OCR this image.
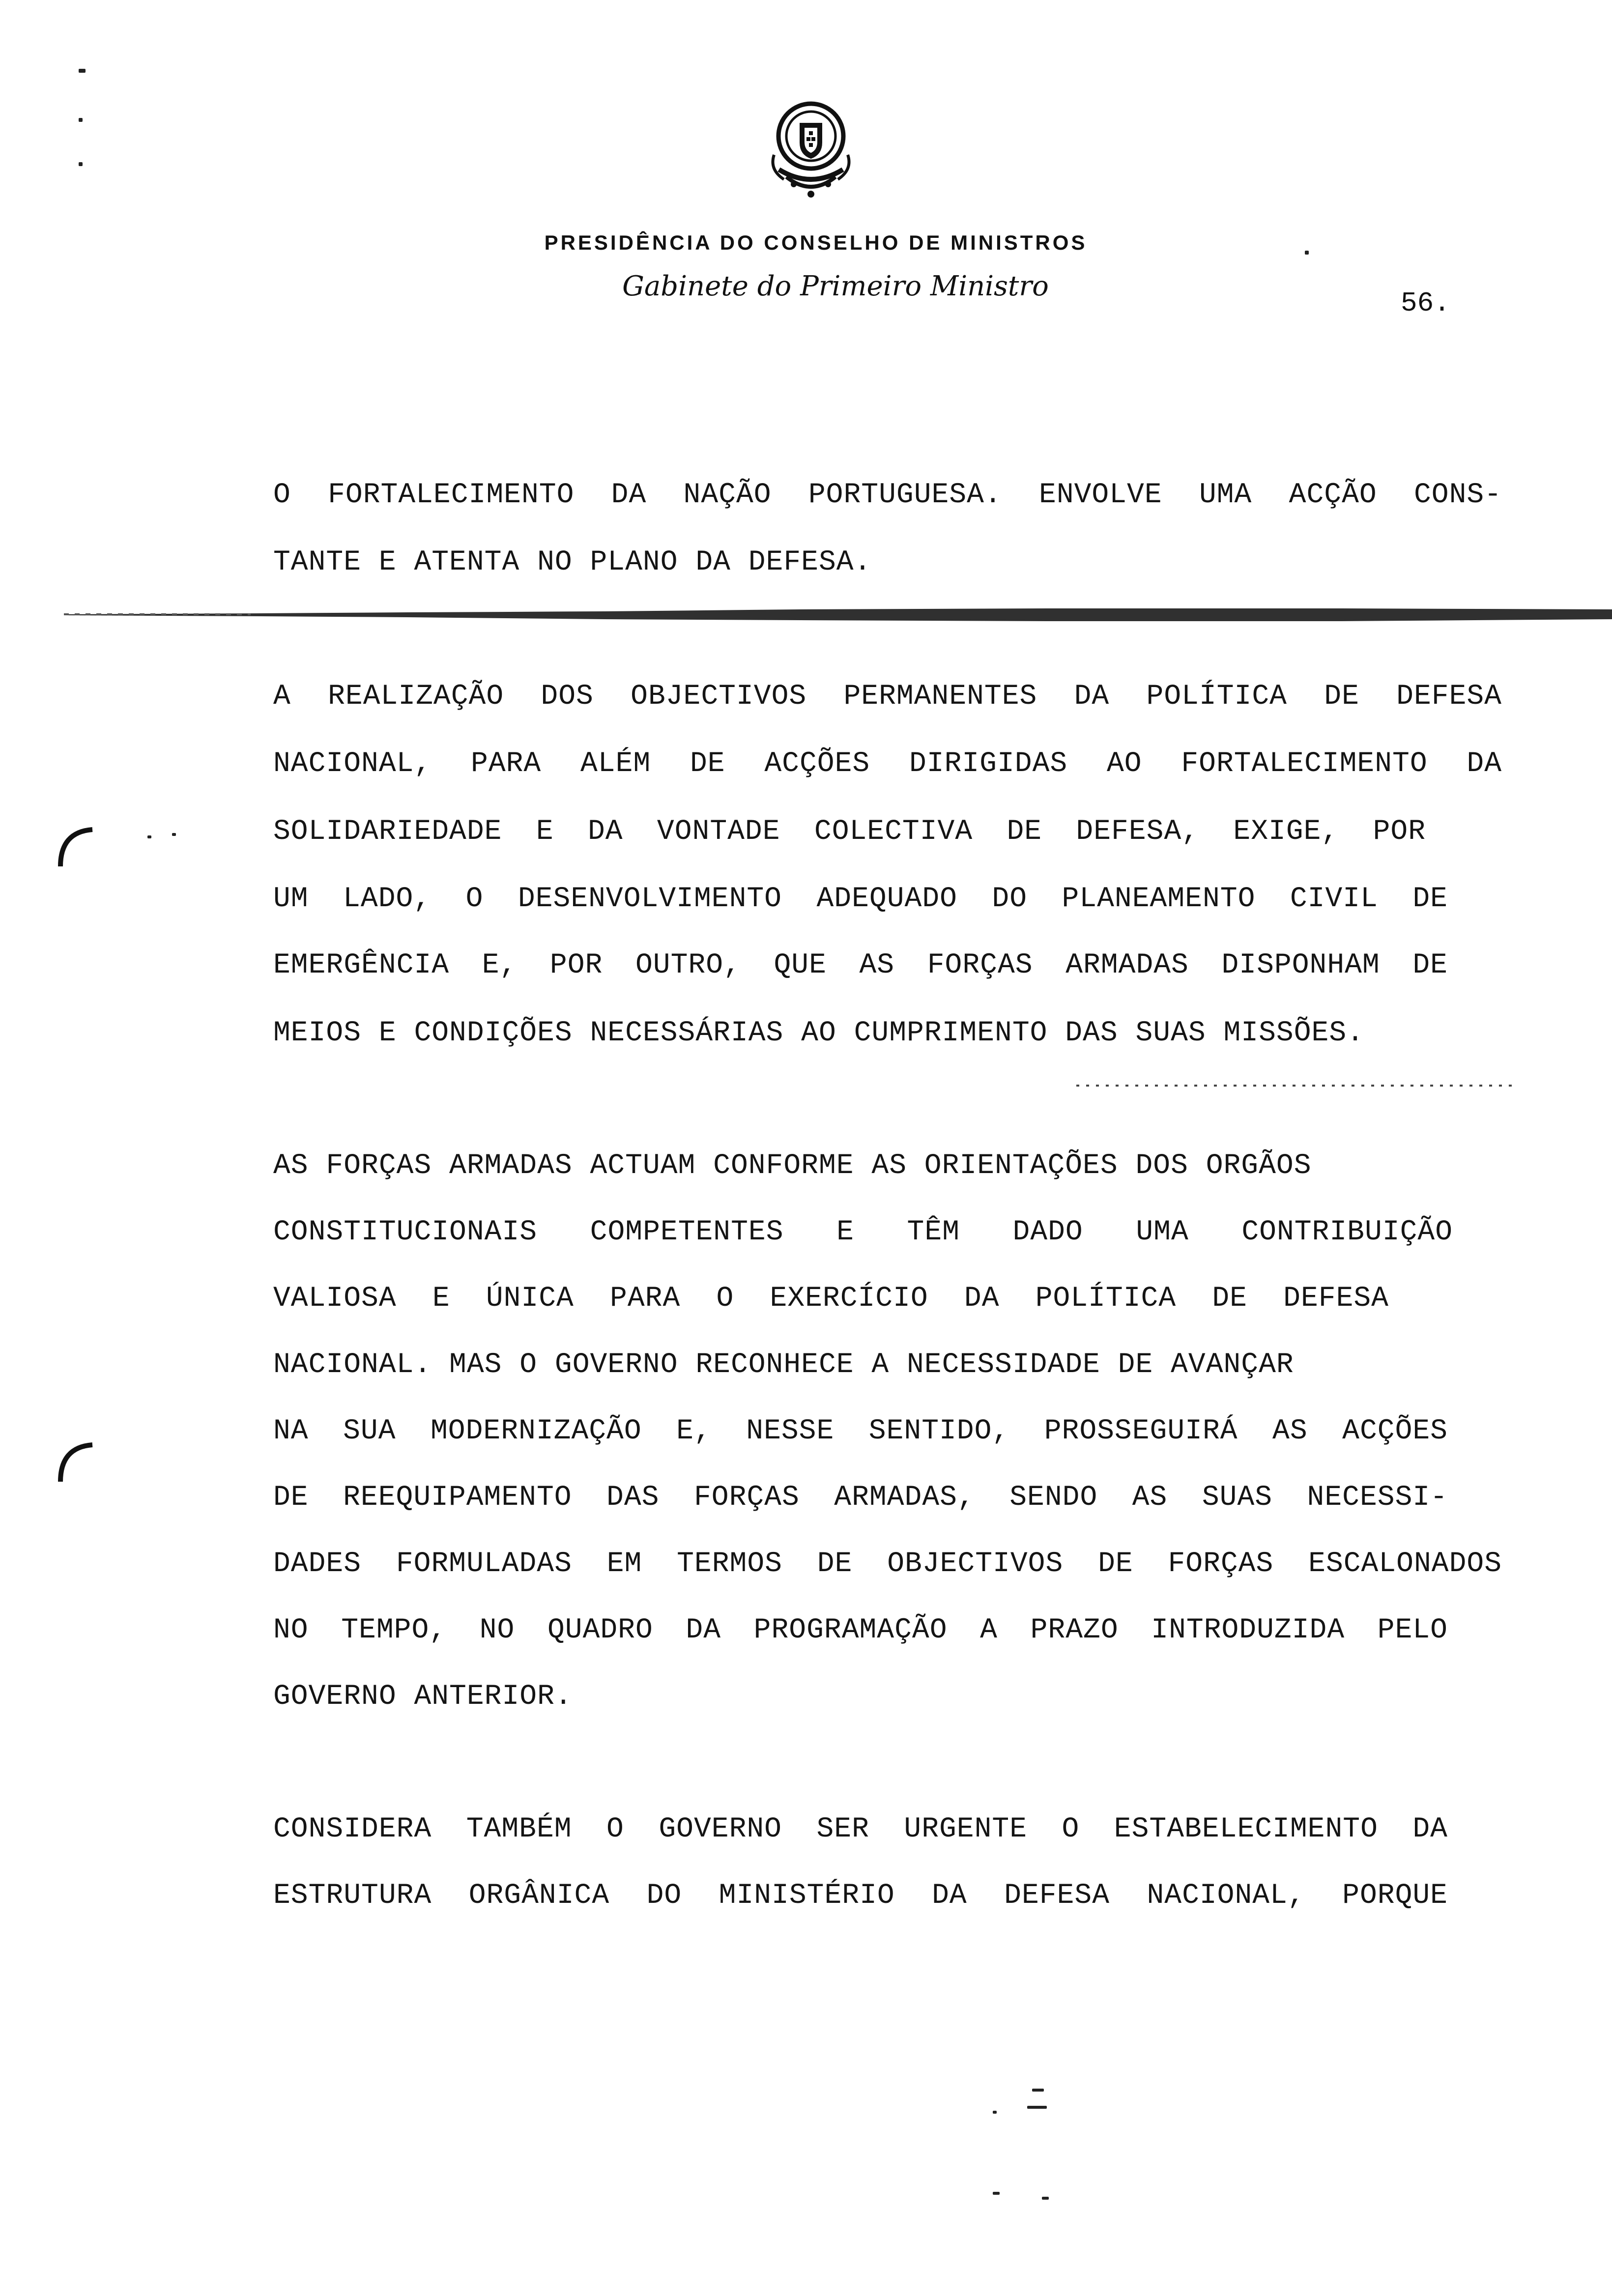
PRESIDÊNCIA DO CONSELHO DE MINISTROS
Gabinete do Primeiro Ministro
56.
O FORTALECIMENTO DA NAÇÃO PORTUGUESA. ENVOLVE UMA ACÇÃO CONS-
TANTE E ATENTA NO PLANO DA DEFESA.
A REALIZAÇÃO DOS OBJECTIVOS PERMANENTES DA POLÍTICA DE DEFESA
NACIONAL, PARA ALÉM DE ACÇÕES DIRIGIDAS AO FORTALECIMENTO DA
SOLIDARIEDADE E DA VONTADE COLECTIVA DE DEFESA, EXIGE, POR
UM LADO, O DESENVOLVIMENTO ADEQUADO DO PLANEAMENTO CIVIL DE
EMERGÊNCIA E, POR OUTRO, QUE AS FORÇAS ARMADAS DISPONHAM DE
MEIOS E CONDIÇÕES NECESSÁRIAS AO CUMPRIMENTO DAS SUAS MISSÕES.
AS FORÇAS ARMADAS ACTUAM CONFORME AS ORIENTAÇÕES DOS ORGÃOS
CONSTITUCIONAIS COMPETENTES E TÊM DADO UMA CONTRIBUIÇÃO
VALIOSA E ÚNICA PARA O EXERCÍCIO DA POLÍTICA DE DEFESA
NACIONAL. MAS O GOVERNO RECONHECE A NECESSIDADE DE AVANÇAR
NA SUA MODERNIZAÇÃO E, NESSE SENTIDO, PROSSEGUIRÁ AS ACÇÕES
DE REEQUIPAMENTO DAS FORÇAS ARMADAS, SENDO AS SUAS NECESSI-
DADES FORMULADAS EM TERMOS DE OBJECTIVOS DE FORÇAS ESCALONADOS
NO TEMPO, NO QUADRO DA PROGRAMAÇÃO A PRAZO INTRODUZIDA PELO
GOVERNO ANTERIOR.
CONSIDERA TAMBÉM O GOVERNO SER URGENTE O ESTABELECIMENTO DA
ESTRUTURA ORGÂNICA DO MINISTÉRIO DA DEFESA NACIONAL, PORQUE
